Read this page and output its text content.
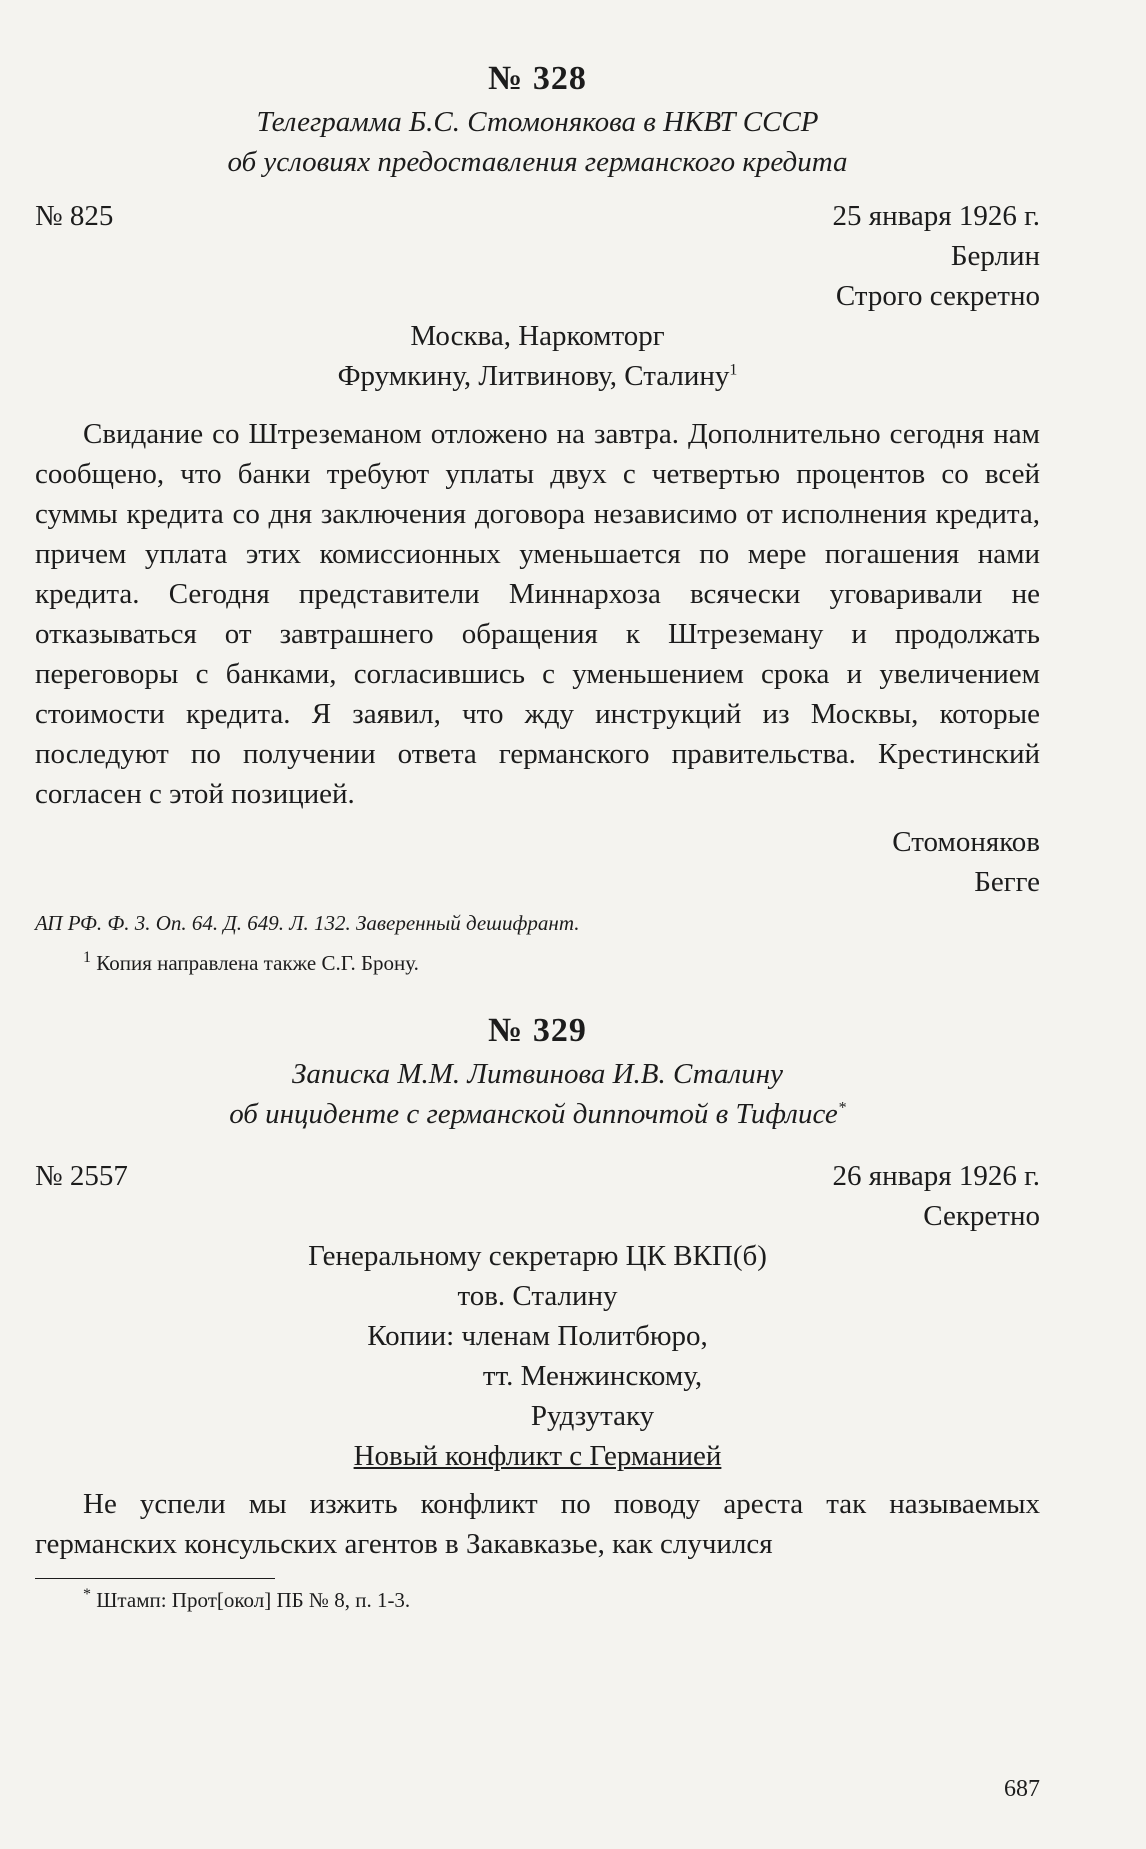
№ 328
Телеграмма Б.С. Стомонякова в НКВТ СССР
об условиях предоставления германского кредита
№ 825	25 января 1926 г.
Берлин
Строго секретно
Москва, Наркомторг
Фрумкину, Литвинову, Сталину$^1$

Свидание со Штреземаном отложено на завтра. Дополнительно сегодня нам сообщено, что банки требуют уплаты двух с четвертью процентов со всей суммы кредита со дня заключения договора независимо от исполнения кредита, причем уплата этих комиссионных уменьшается по мере погашения нами кредита. Сегодня представители Миннархоза всячески уговаривали не отказываться от завтрашнего обращения к Штреземану и продолжать переговоры с банками, согласившись с уменьшением срока и увеличением стоимости кредита. Я заявил, что жду инструкций из Москвы, которые последуют по получении ответа германского правительства. Крестинский согласен с этой позицией.

Стомоняков
Бегге
АП РФ. Ф. 3. Оп. 64. Д. 649. Л. 132. Заверенный дешифрант.
$^1$ Копия направлена также С.Г. Брону.
№ 329
Записка М.М. Литвинова И.В. Сталину
об инциденте с германской диппочтой в Тифлисе*
№ 2557	26 января 1926 г.
Секретно
Генеральному секретарю ЦК ВКП(б)
тов. Сталину
Копии: членам Политбюро,
тт. Менжинскому,
Рудзутаку
Новый конфликт с Германией

Не успели мы изжить конфликт по поводу ареста так называемых германских консульских агентов в Закавказье, как случился

* Штамп: Прот[окол] ПБ № 8, п. 1-3.
687
